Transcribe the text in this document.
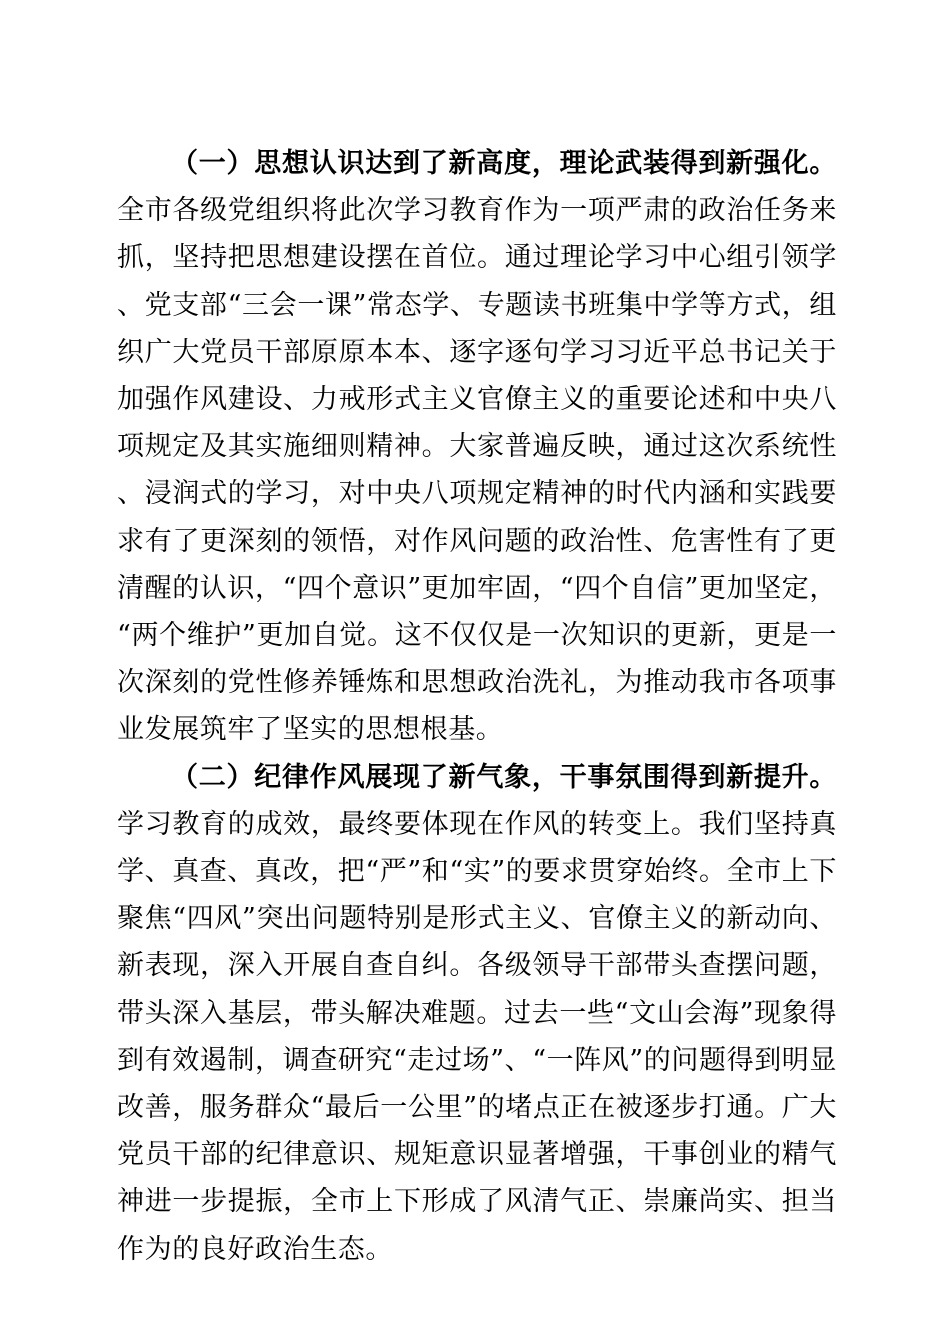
（一）思想认识达到了新高度，理论武装得到新强化。全市各级党组织将此次学习教育作为一项严肃的政治任务来抓，坚持把思想建设摆在首位。通过理论学习中心组引领学、党支部“三会一课”常态学、专题读书班集中学等方式，组织广大党员干部原原本本、逐字逐句学习习近平总书记关于加强作风建设、力戒形式主义官僚主义的重要论述和中央八项规定及其实施细则精神。大家普遍反映，通过这次系统性、浸润式的学习，对中央八项规定精神的时代内涵和实践要求有了更深刻的领悟，对作风问题的政治性、危害性有了更清醒的认识，“四个意识”更加牢固，“四个自信”更加坚定，“两个维护”更加自觉。这不仅仅是一次知识的更新，更是一次深刻的党性修养锤炼和思想政治洗礼，为推动我市各项事业发展筑牢了坚实的思想根基。

（二）纪律作风展现了新气象，干事氛围得到新提升。学习教育的成效，最终要体现在作风的转变上。我们坚持真学、真查、真改，把“严”和“实”的要求贯穿始终。全市上下聚焦“四风”突出问题特别是形式主义、官僚主义的新动向、新表现，深入开展自查自纠。各级领导干部带头查摆问题，带头深入基层，带头解决难题。过去一些“文山会海”现象得到有效遏制，调查研究“走过场”、“一阵风”的问题得到明显改善，服务群众“最后一公里”的堵点正在被逐步打通。广大党员干部的纪律意识、规矩意识显著增强，干事创业的精气神进一步提振，全市上下形成了风清气正、崇廉尚实、担当作为的良好政治生态。
